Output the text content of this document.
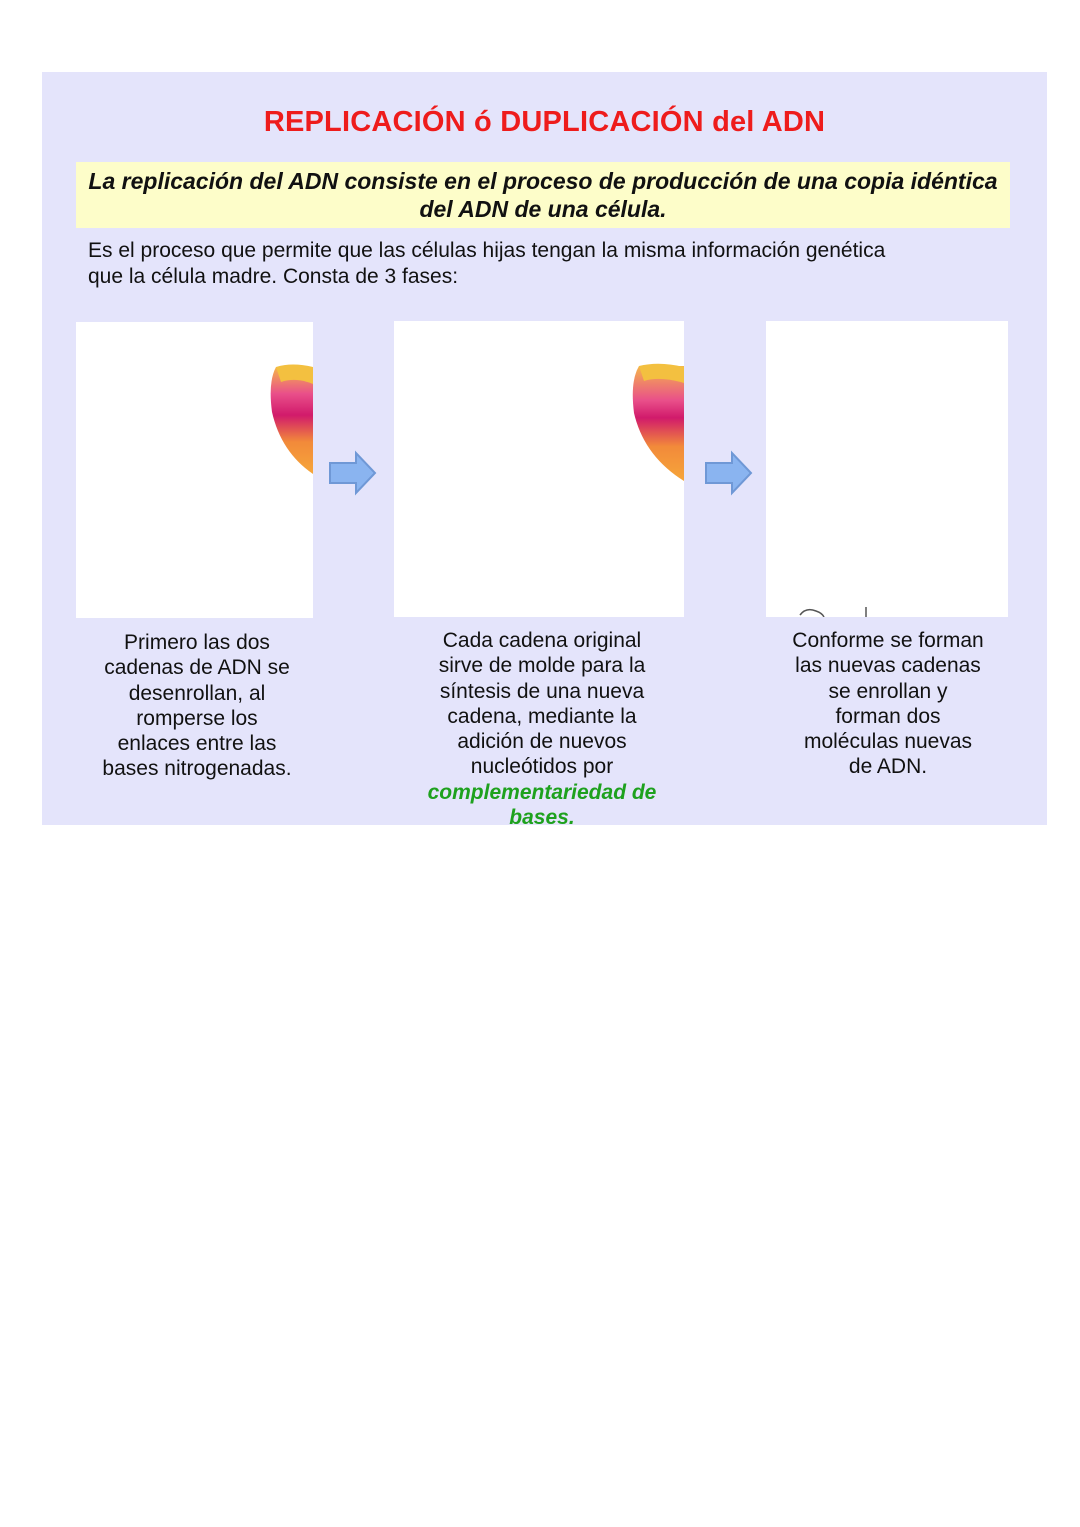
REPLICACIÓN ó DUPLICACIÓN del ADN
La replicación del ADN consiste en el proceso de producción de una copia idéntica del ADN de una célula.
Es el proceso que permite que las células hijas tengan la misma información genética
que la célula madre. Consta de 3 fases:
Primero las dos
cadenas de ADN se
desenrollan, al
romperse los
enlaces entre las
bases nitrogenadas.
Cada cadena original
sirve de molde para la
síntesis de una nueva
cadena, mediante la
adición de nuevos
nucleótidos por
complementariedad de
bases.
Conforme se forman
las nuevas cadenas
se enrollan y
forman dos
moléculas nuevas
de ADN.
